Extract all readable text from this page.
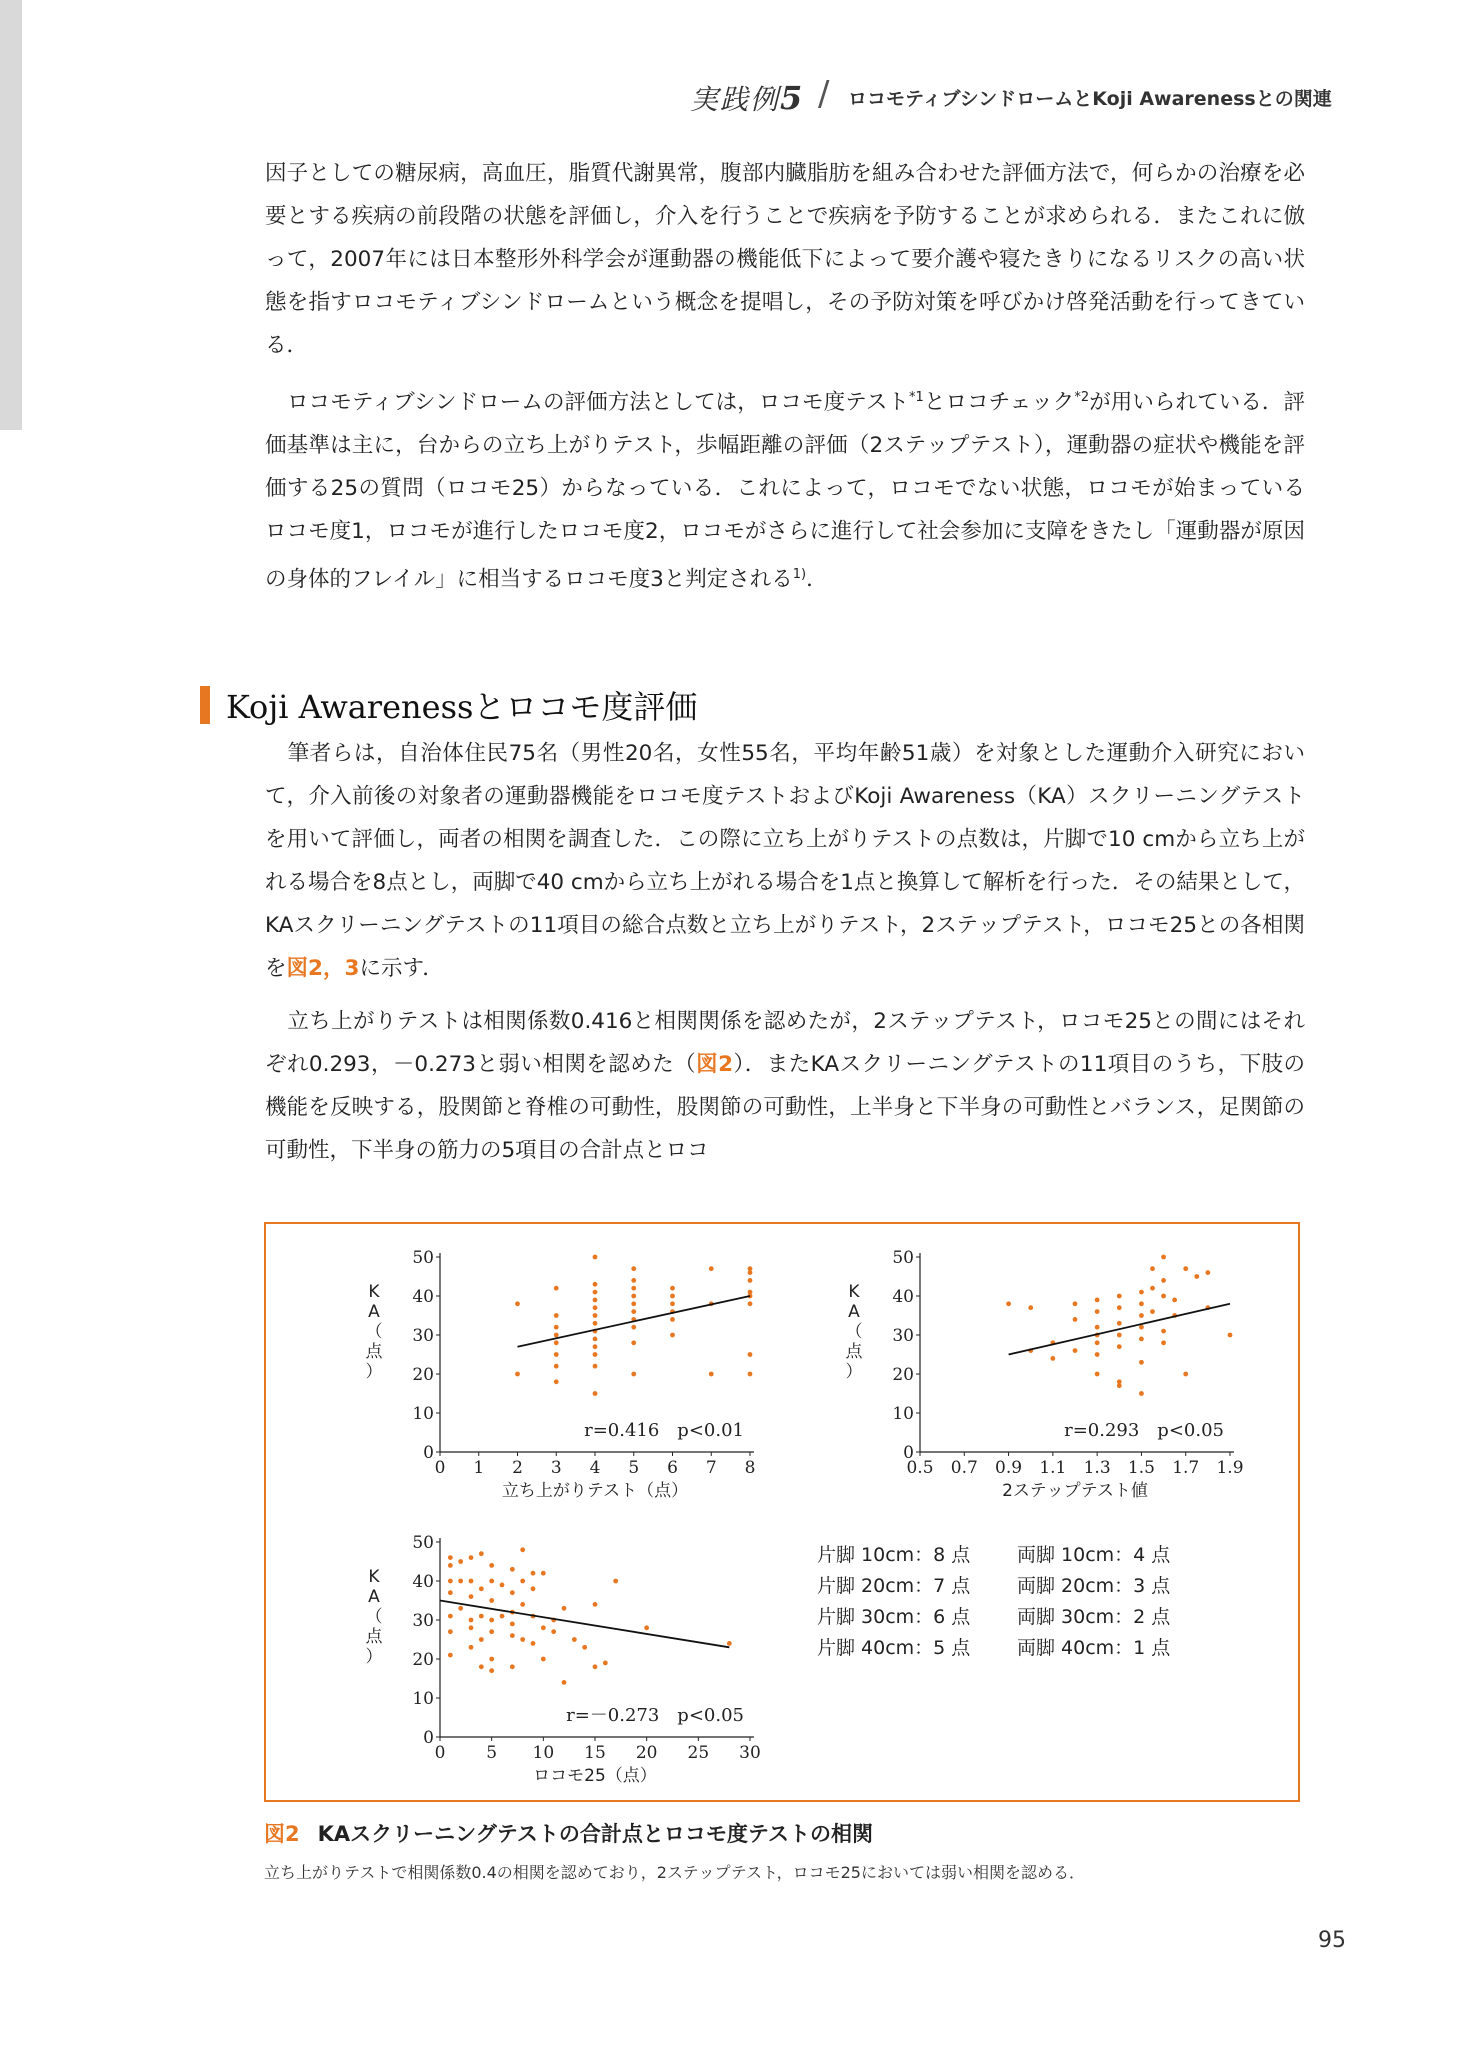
実践例5 / ロコモティブシンドロームとKoji Awarenessとの関連

因子としての糖尿病，高血圧，脂質代謝異常，腹部内臓脂肪を組み合わせた評価方法で，何らかの治療を必要とする疾病の前段階の状態を評価し，介入を行うことで疾病を予防することが求められる．またこれに倣って，2007年には日本整形外科学会が運動器の機能低下によって要介護や寝たきりになるリスクの高い状態を指すロコモティブシンドロームという概念を提唱し，その予防対策を呼びかけ啓発活動を行ってきている．

ロコモティブシンドロームの評価方法としては，ロコモ度テスト$^{*1}$とロコチェック$^{*2}$が用いられている．評価基準は主に，台からの立ち上がりテスト，歩幅距離の評価（2ステップテスト），運動器の症状や機能を評価する25の質問（ロコモ25）からなっている．これによって，ロコモでない状態，ロコモが始まっているロコモ度1，ロコモが進行したロコモ度2，ロコモがさらに進行して社会参加に支障をきたし「運動器が原因の身体的フレイル」に相当するロコモ度3と判定される$^{1)}$．

Koji Awarenessとロコモ度評価

筆者らは，自治体住民75名（男性20名，女性55名，平均年齢51歳）を対象とした運動介入研究において，介入前後の対象者の運動器機能をロコモ度テストおよびKoji Awareness（KA）スクリーニングテストを用いて評価し，両者の相関を調査した．この際に立ち上がりテストの点数は，片脚で10 cmから立ち上がれる場合を8点とし，両脚で40 cmから立ち上がれる場合を1点と換算して解析を行った．その結果として，KAスクリーニングテストの11項目の総合点数と立ち上がりテスト，2ステップテスト，ロコモ25との各相関を図2，3に示す．

立ち上がりテストは相関係数0.416と相関関係を認めたが，2ステップテスト，ロコモ25との間にはそれぞれ0.293，－0.273と弱い相関を認めた（図2）．またKAスクリーニングテストの11項目のうち，下肢の機能を反映する，股関節と脊椎の可動性，股関節の可動性，上半身と下半身の可動性とバランス，足関節の可動性，下半身の筋力の5項目の合計点とロコ

0
10
20
30
40
50
0 1 2 3 4 5 6 7 8
r=0.416　p<0.01
立ち上がりテスト（点）
K A （点）
0
10
20
30
40
50
0.5 0.7 0.9 1.1 1.3 1.5 1.7 1.9
r=0.293　p<0.05
2ステップテスト値
K A （点）
0
10
20
30
40
50
0 5 10 15 20 25 30
r=－0.273　p<0.05
ロコモ25（点）
K A （点）
片脚 10cm：8 点	両脚 10cm：4 点
片脚 20cm：7 点	両脚 20cm：3 点
片脚 30cm：6 点	両脚 30cm：2 点
片脚 40cm：5 点	両脚 40cm：1 点
図2 KAスクリーニングテストの合計点とロコモ度テストの相関
立ち上がりテストで相関係数0.4の相関を認めており，2ステップテスト，ロコモ25においては弱い相関を認める．
95
